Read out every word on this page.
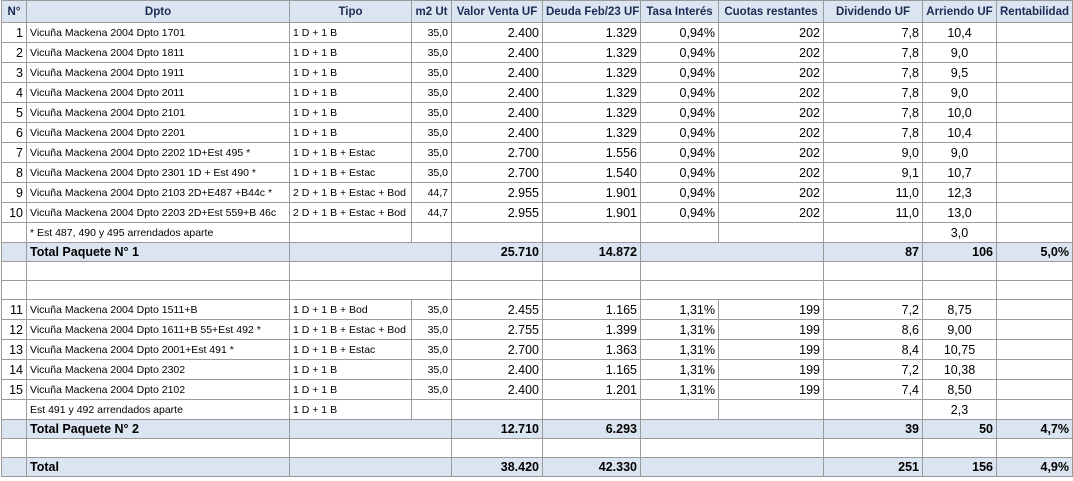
N°	Dpto	Tipo	m2 Ut	Valor Venta UF	Deuda Feb/23 UF	Tasa Interés	Cuotas restantes	Dividendo UF	Arriendo UF	Rentabilidad
1	Vicuña Mackena 2004 Dpto 1701	1 D + 1 B	35,0	2.400	1.329	0,94%	202	7,8	10,4	
2	Vicuña Mackena 2004 Dpto 1811	1 D + 1 B	35,0	2.400	1.329	0,94%	202	7,8	9,0	
3	Vicuña Mackena 2004 Dpto 1911	1 D + 1 B	35,0	2.400	1.329	0,94%	202	7,8	9,5	
4	Vicuña Mackena 2004 Dpto 2011	1 D + 1 B	35,0	2.400	1.329	0,94%	202	7,8	9,0	
5	Vicuña Mackena 2004 Dpto 2101	1 D + 1 B	35,0	2.400	1.329	0,94%	202	7,8	10,0	
6	Vicuña Mackena 2004 Dpto 2201	1 D + 1 B	35,0	2.400	1.329	0,94%	202	7,8	10,4	
7	Vicuña Mackena 2004 Dpto 2202 1D+Est 495 *	1 D + 1 B + Estac	35,0	2.700	1.556	0,94%	202	9,0	9,0	
8	Vicuña Mackena 2004 Dpto 2301 1D + Est 490 *	1 D + 1 B + Estac	35,0	2.700	1.540	0,94%	202	9,1	10,7	
9	Vicuña Mackena 2004 Dpto 2103 2D+E487 +B44c *	2 D + 1 B + Estac + Bod	44,7	2.955	1.901	0,94%	202	11,0	12,3	
10	Vicuña Mackena 2004 Dpto 2203 2D+Est 559+B 46c	2 D + 1 B + Estac + Bod	44,7	2.955	1.901	0,94%	202	11,0	13,0	
	* Est 487, 490 y 495 arrendados aparte								3,0	
	Total Paquete N° 1			25.710	14.872			87	106	5,0%

11	Vicuña Mackena 2004 Dpto 1511+B	1 D + 1 B + Bod	35,0	2.455	1.165	1,31%	199	7,2	8,75	
12	Vicuña Mackena 2004 Dpto 1611+B 55+Est 492 *	1 D + 1 B + Estac + Bod	35,0	2.755	1.399	1,31%	199	8,6	9,00	
13	Vicuña Mackena 2004 Dpto 2001+Est 491 *	1 D + 1 B + Estac	35,0	2.700	1.363	1,31%	199	8,4	10,75	
14	Vicuña Mackena 2004 Dpto 2302	1 D + 1 B	35,0	2.400	1.165	1,31%	199	7,2	10,38	
15	Vicuña Mackena 2004 Dpto 2102	1 D + 1 B	35,0	2.400	1.201	1,31%	199	7,4	8,50	
	Est 491 y 492 arrendados aparte	1 D + 1 B							2,3	
	Total Paquete N° 2			12.710	6.293			39	50	4,7%

	Total			38.420	42.330			251	156	4,9%
